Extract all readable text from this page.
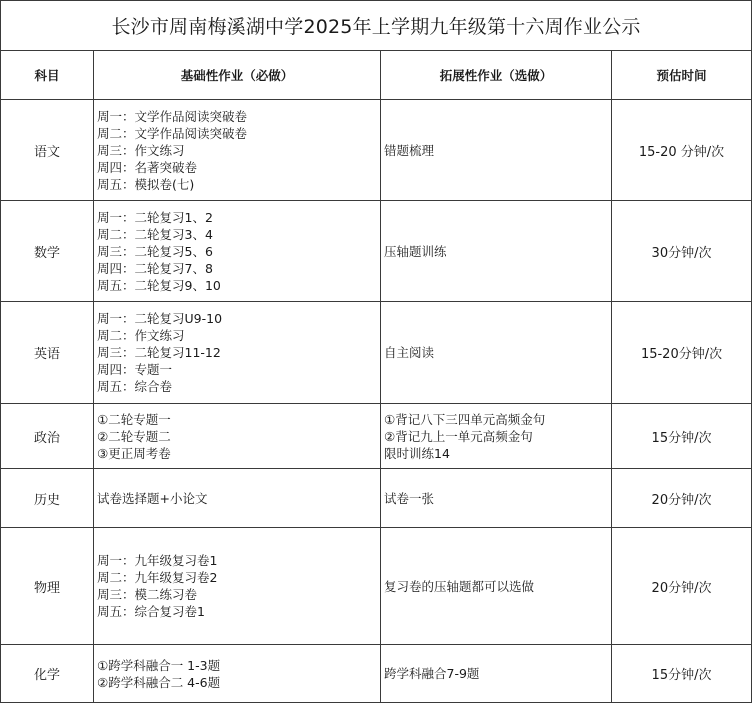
长沙市周南梅溪湖中学2025年上学期九年级第十六周作业公示			
科目	基础性作业（必做）	拓展性作业（选做）	预估时间
语文	周一：文学作品阅读突破卷
周二：文学作品阅读突破卷
周三：作文练习
周四：名著突破卷
周五：模拟卷(七)	错题梳理	15-20 分钟/次
数学	周一：二轮复习1、2
周二：二轮复习3、4
周三：二轮复习5、6
周四：二轮复习7、8
周五：二轮复习9、10	压轴题训练	30分钟/次
英语	周一：二轮复习U9-10
周二：作文练习
周三：二轮复习11-12
周四：专题一
周五：综合卷	自主阅读	15-20分钟/次
政治	①二轮专题一
②二轮专题二
③更正周考卷	①背记八下三四单元高频金句
②背记九上一单元高频金句
限时训练14	15分钟/次
历史	试卷选择题+小论文	试卷一张	20分钟/次
物理	周一：九年级复习卷1
周二：九年级复习卷2
周三：模二练习卷
周五：综合复习卷1	复习卷的压轴题都可以选做	20分钟/次
化学	①跨学科融合一 1-3题
②跨学科融合二 4-6题	跨学科融合7-9题	15分钟/次
